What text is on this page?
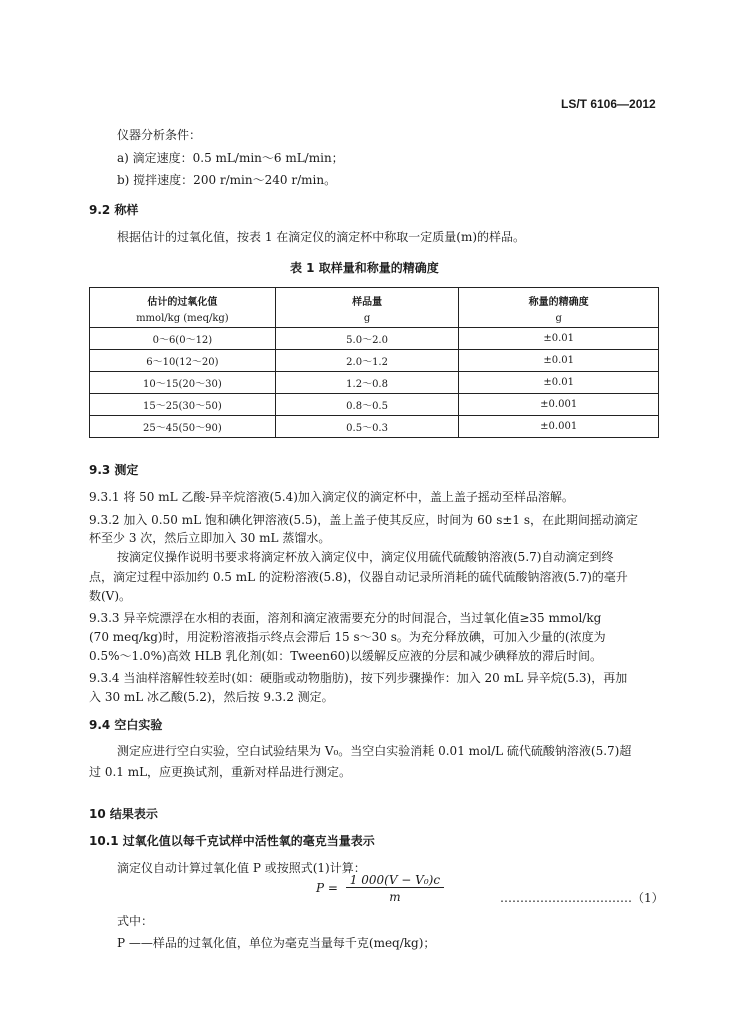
LS/T 6106—2012
仪器分析条件：
a) 滴定速度：0.5 mL/min～6 mL/min；
b) 搅拌速度：200 r/min～240 r/min。
9.2 称样
根据估计的过氧化值，按表 1 在滴定仪的滴定杯中称取一定质量(m)的样品。
表 1 取样量和称量的精确度
估计的过氧化值	样品量	称量的精确度
mmol/kg (meq/kg)	g	g
0～6(0～12)	5.0～2.0	±0.01
6～10(12～20)	2.0～1.2	±0.01
10～15(20～30)	1.2～0.8	±0.01
15～25(30～50)	0.8～0.5	±0.001
25～45(50～90)	0.5～0.3	±0.001
9.3 测定
9.3.1 将 50 mL 乙酸-异辛烷溶液(5.4)加入滴定仪的滴定杯中，盖上盖子摇动至样品溶解。
9.3.2 加入 0.50 mL 饱和碘化钾溶液(5.5)，盖上盖子使其反应，时间为 60 s±1 s，在此期间摇动滴定
杯至少 3 次，然后立即加入 30 mL 蒸馏水。
按滴定仪操作说明书要求将滴定杯放入滴定仪中，滴定仪用硫代硫酸钠溶液(5.7)自动滴定到终
点，滴定过程中添加约 0.5 mL 的淀粉溶液(5.8)，仪器自动记录所消耗的硫代硫酸钠溶液(5.7)的毫升
数(V)。
9.3.3 异辛烷漂浮在水相的表面，溶剂和滴定液需要充分的时间混合，当过氧化值≥35 mmol/kg
(70 meq/kg)时，用淀粉溶液指示终点会滞后 15 s～30 s。为充分释放碘，可加入少量的(浓度为
0.5%～1.0%)高效 HLB 乳化剂(如：Tween60)以缓解反应液的分层和减少碘释放的滞后时间。
9.3.4 当油样溶解性较差时(如：硬脂或动物脂肪)，按下列步骤操作：加入 20 mL 异辛烷(5.3)，再加
入 30 mL 冰乙酸(5.2)，然后按 9.3.2 测定。
9.4 空白实验
测定应进行空白实验，空白试验结果为 V₀。当空白实验消耗 0.01 mol/L 硫代硫酸钠溶液(5.7)超
过 0.1 mL，应更换试剂，重新对样品进行测定。
10 结果表示
10.1 过氧化值以每千克试样中活性氧的毫克当量表示
滴定仪自动计算过氧化值 P 或按照式(1)计算：
$P = \frac{\text{1 000(V − V₀)c}}{m}$	……………………………（1）
式中：
P ——样品的过氧化值，单位为毫克当量每千克(meq/kg)；
